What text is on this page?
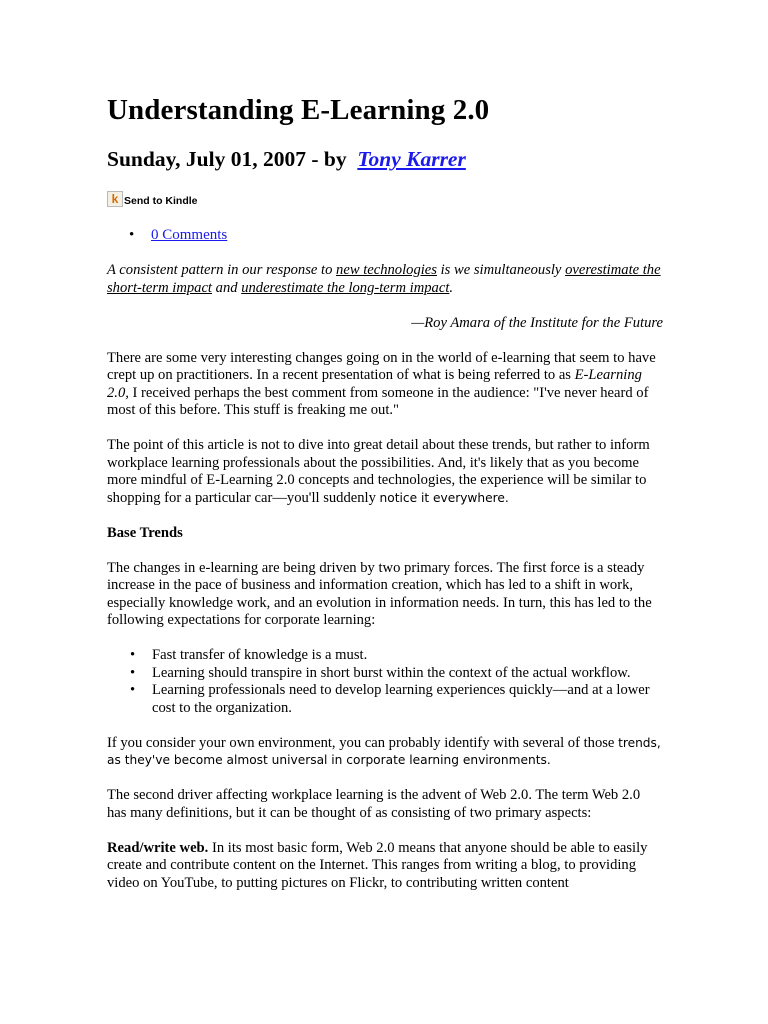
Understanding E-Learning 2.0
Sunday, July 01, 2007 - by Tony Karrer
k Send to Kindle
• 0 Comments

A consistent pattern in our response to new technologies is we simultaneously overestimate the short-term impact and underestimate the long-term impact.

—Roy Amara of the Institute for the Future

There are some very interesting changes going on in the world of e-learning that seem to have crept up on practitioners. In a recent presentation of what is being referred to as E-Learning 2.0, I received perhaps the best comment from someone in the audience: "I've never heard of most of this before. This stuff is freaking me out."

The point of this article is not to dive into great detail about these trends, but rather to inform workplace learning professionals about the possibilities. And, it's likely that as you become more mindful of E-Learning 2.0 concepts and technologies, the experience will be similar to shopping for a particular car—you'll suddenly notice it everywhere.

Base Trends

The changes in e-learning are being driven by two primary forces. The first force is a steady increase in the pace of business and information creation, which has led to a shift in work, especially knowledge work, and an evolution in information needs. In turn, this has led to the following expectations for corporate learning:

• Fast transfer of knowledge is a must.
• Learning should transpire in short burst within the context of the actual workflow.
• Learning professionals need to develop learning experiences quickly—and at a lower cost to the organization.

If you consider your own environment, you can probably identify with several of those trends, as they've become almost universal in corporate learning environments.

The second driver affecting workplace learning is the advent of Web 2.0. The term Web 2.0 has many definitions, but it can be thought of as consisting of two primary aspects:

Read/write web. In its most basic form, Web 2.0 means that anyone should be able to easily create and contribute content on the Internet. This ranges from writing a blog, to providing video on YouTube, to putting pictures on Flickr, to contributing written content
